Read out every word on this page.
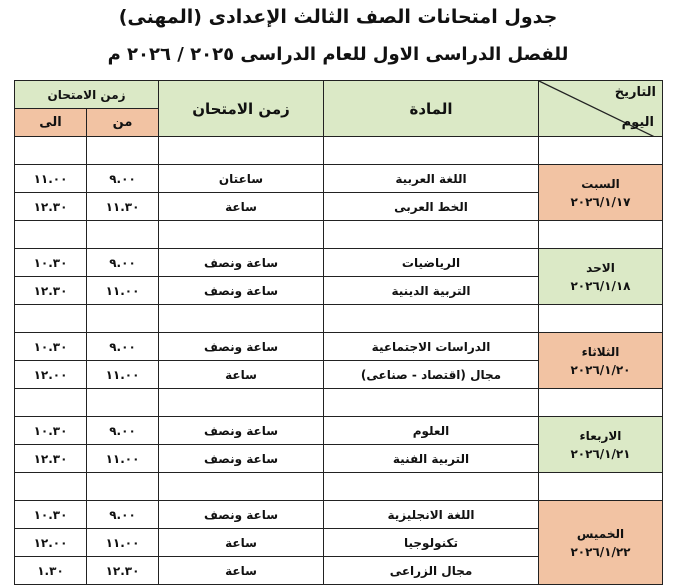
جدول امتحانات الصف الثالث الإعدادى (المهنى)
للفصل الدراسى الاول للعام الدراسى ٢٠٢٥ / ٢٠٢٦ م
زمن الامتحان		زمن الامتحان	المادة	التاريخ
اليوم

الى	من			

١١.٠٠	٩.٠٠	ساعتان	اللغة العربية	السبت
٢٠٢٦/١/١٧

١٢.٣٠	١١.٣٠	ساعة	الخط العربى	

١٠.٣٠	٩.٠٠	ساعة ونصف	الرياضيات	الاحد
٢٠٢٦/١/١٨

١٢.٣٠	١١.٠٠	ساعة ونصف	التربية الدينية	

١٠.٣٠	٩.٠٠	ساعة ونصف	الدراسات الاجتماعية	الثلاثاء
٢٠٢٦/١/٢٠

١٢.٠٠	١١.٠٠	ساعة	مجال (اقتصاد - صناعى)	

١٠.٣٠	٩.٠٠	ساعة ونصف	العلوم	الاربعاء
٢٠٢٦/١/٢١

١٢.٣٠	١١.٠٠	ساعة ونصف	التربية الفنية	

١٠.٣٠	٩.٠٠	ساعة ونصف	اللغة الانجليزية	الخميس
٢٠٢٦/١/٢٢

١٢.٠٠	١١.٠٠	ساعة	تكنولوجيا	
١.٣٠	١٢.٣٠	ساعة	مجال الزراعى	
